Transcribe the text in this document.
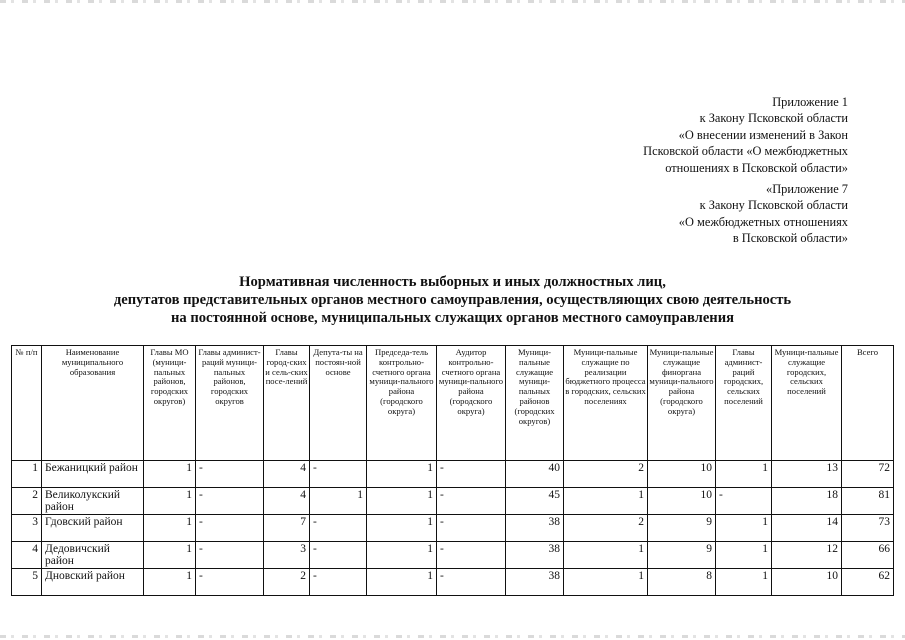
Приложение 1
к Закону Псковской области
«О внесении изменений в Закон
Псковской области «О межбюджетных
отношениях в Псковской области»
«Приложение 7
к Закону Псковской области
«О межбюджетных отношениях
в Псковской области»
Нормативная численность выборных и иных должностных лиц,
депутатов представительных органов местного самоуправления, осуществляющих свою деятельность
на постоянной основе, муниципальных служащих органов местного самоуправления
№ п/п	Наименование муниципального образования	Главы МО (муници-пальных районов, городских округов)	Главы админист-раций муници-пальных районов, городских округов	Главы город-ских и сель-ских посе-лений	Депута-ты на постоян-ной основе	Предсeда-тель контрольно-счетного органа муници-пального района (городского округа)	Аудитор контрольно-счетного органа муници-пального района (городского округа)	Муници-пальные служащие муници-пальных районов (городских округов)	Муници-пальные служащие по реализации бюджетного процесса в городских, сельских поселениях	Муници-пальные служащие финоргана муници-пального района (городского округа)	Главы админист-раций городских, сельских поселений	Муници-пальные служащие городских, сельских поселений	Всего
1	Бежаницкий район	1	-	4	-	1	-	40	2	10	1	13	72
2	Великолукский район	1	-	4	1	1	-	45	1	10	-	18	81
3	Гдовский район	1	-	7	-	1	-	38	2	9	1	14	73
4	Дедовичский район	1	-	3	-	1	-	38	1	9	1	12	66
5	Дновский район	1	-	2	-	1	-	38	1	8	1	10	62
